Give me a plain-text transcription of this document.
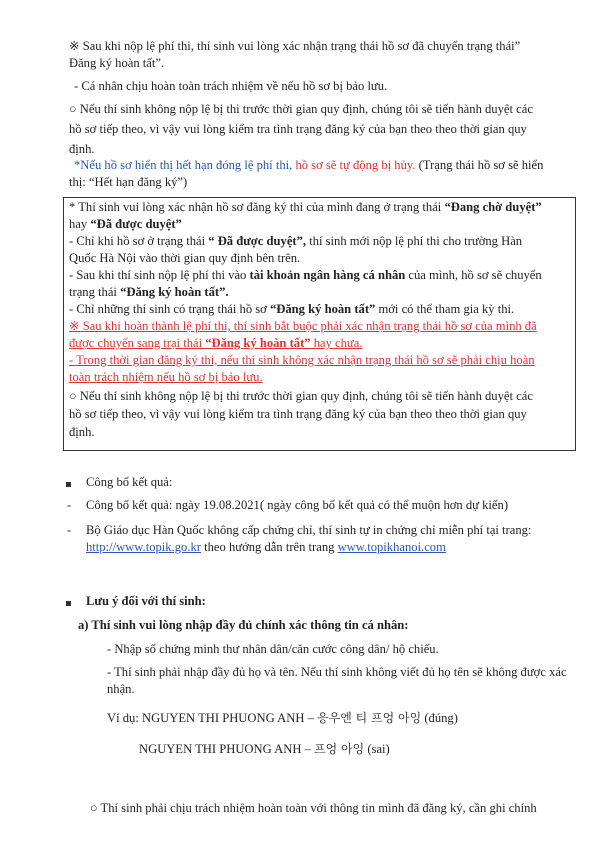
※ Sau khi nộp lệ phí thi, thí sinh vui lòng xác nhận trạng thái hồ sơ đã chuyển trạng thái”
Đăng ký hoàn tất”.
- Cá nhân chịu hoàn toàn trách nhiệm về nếu hồ sơ bị bảo lưu.
○ Nếu thí sinh không nộp lệ bị thi trước thời gian quy định, chúng tôi sẽ tiến hành duyệt các
hồ sơ tiếp theo, vì vậy vui lòng kiểm tra tình trạng đăng ký của bạn theo theo thời gian quy
định.
*Nếu hồ sơ hiển thị hết hạn đóng lệ phí thi, hồ sơ sẽ tự động bị hủy. (Trạng thái hồ sơ sẽ hiển
thị: “Hết hạn đăng ký”)
* Thí sinh vui lòng xác nhận hồ sơ đăng ký thi của mình đang ở trạng thái “Đang chờ duyệt”
hay “Đã được duyệt”
- Chỉ khi hồ sơ ở trạng thái “ Đã được duyệt”, thí sinh mới nộp lệ phí thi cho trường Hàn
Quốc Hà Nội vào thời gian quy định bên trên.
- Sau khi thí sinh nộp lệ phí thi vào tài khoản ngân hàng cá nhân của mình, hồ sơ sẽ chuyển
trạng thái “Đăng ký hoàn tất”.
- Chỉ những thí sinh có trạng thái hồ sơ “Đăng ký hoàn tất” mới có thể tham gia kỳ thi.
※ Sau khi hoàn thành lệ phí thi, thí sinh bắt buộc phải xác nhận trạng thái hồ sơ của mình đã
được chuyển sang trại thái “Đăng ký hoàn tất” hay chưa.
- Trong thời gian đăng ký thi, nếu thí sinh không xác nhận trạng thái hồ sơ sẽ phải chịu hoàn
toàn trách nhiệm nếu hồ sơ bị bảo lưu.
○ Nếu thí sinh không nộp lệ bị thi trước thời gian quy định, chúng tôi sẽ tiến hành duyệt các
hồ sơ tiếp theo, vì vậy vui lòng kiểm tra tình trạng đăng ký của bạn theo theo thời gian quy
định.
Công bố kết quả:
- Công bố kết quả: ngày 19.08.2021( ngày công bố kết quả có thể muộn hơn dự kiến)
- Bộ Giáo dục Hàn Quốc không cấp chứng chỉ, thí sinh tự in chứng chỉ miễn phí tại trang:
http://www.topik.go.kr theo hướng dẫn trên trang www.topikhanoi.com
Lưu ý đối với thí sinh:
a) Thí sinh vui lòng nhập đầy đủ chính xác thông tin cá nhân:
- Nhập số chứng minh thư nhân dân/căn cước công dân/ hộ chiếu.
- Thí sinh phải nhập đầy đủ họ và tên. Nếu thí sinh không viết đủ họ tên sẽ không được xác
nhận.
Ví dụ: NGUYEN THI PHUONG ANH – 응우엔 티 프엉 아잉 (đúng)
NGUYEN THI PHUONG ANH – 프엉 아잉 (sai)
○ Thí sinh phải chịu trách nhiệm hoàn toàn với thông tin mình đã đăng ký, cần ghi chính
